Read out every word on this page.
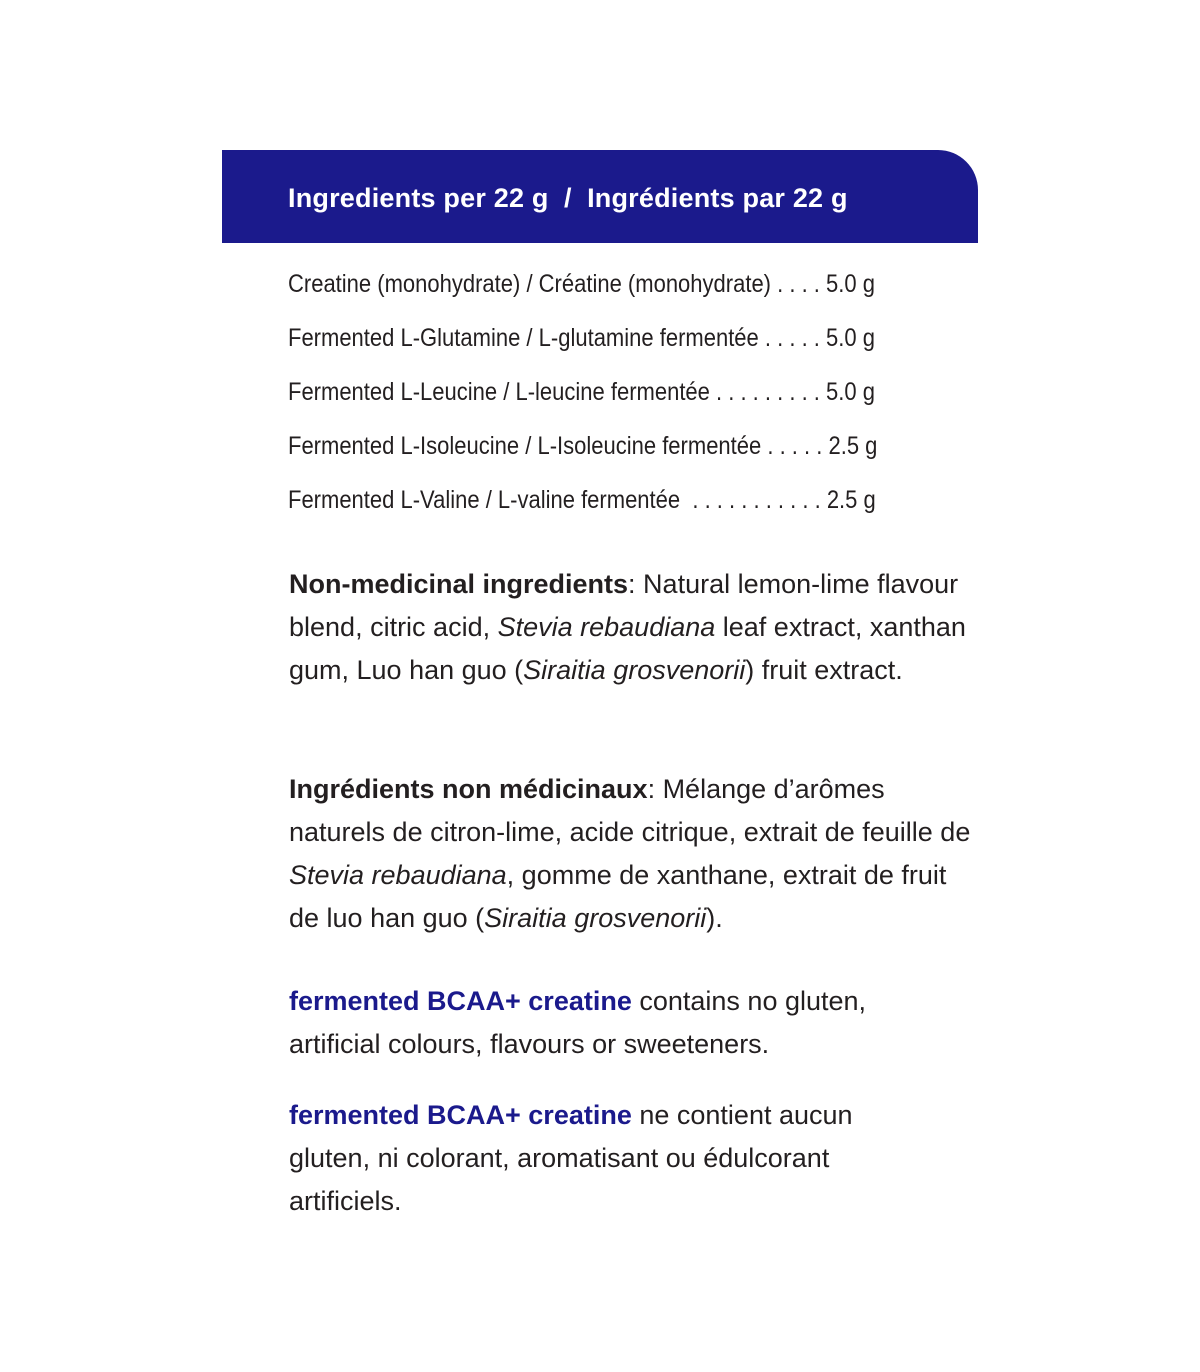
Ingredients per 22 g  /  Ingrédients par 22 g
Creatine (monohydrate) / Créatine (monohydrate) . . . . 5.0 g
Fermented L-Glutamine / L-glutamine fermentée . . . . . 5.0 g
Fermented L-Leucine / L-leucine fermentée . . . . . . . . . 5.0 g
Fermented L-Isoleucine / L-Isoleucine fermentée . . . . . 2.5 g
Fermented L-Valine / L-valine fermentée  . . . . . . . . . . . 2.5 g
Non-medicinal ingredients: Natural lemon-lime flavour blend, citric acid, Stevia rebaudiana leaf extract, xanthan gum, Luo han guo (Siraitia grosvenorii) fruit extract.
Ingrédients non médicinaux: Mélange d’arômes naturels de citron-lime, acide citrique, extrait de feuille de Stevia rebaudiana, gomme de xanthane, extrait de fruit de luo han guo (Siraitia grosvenorii).
fermented BCAA+ creatine contains no gluten, artificial colours, flavours or sweeteners.
fermented BCAA+ creatine ne contient aucun gluten, ni colorant, aromatisant ou édulcorant artificiels.
